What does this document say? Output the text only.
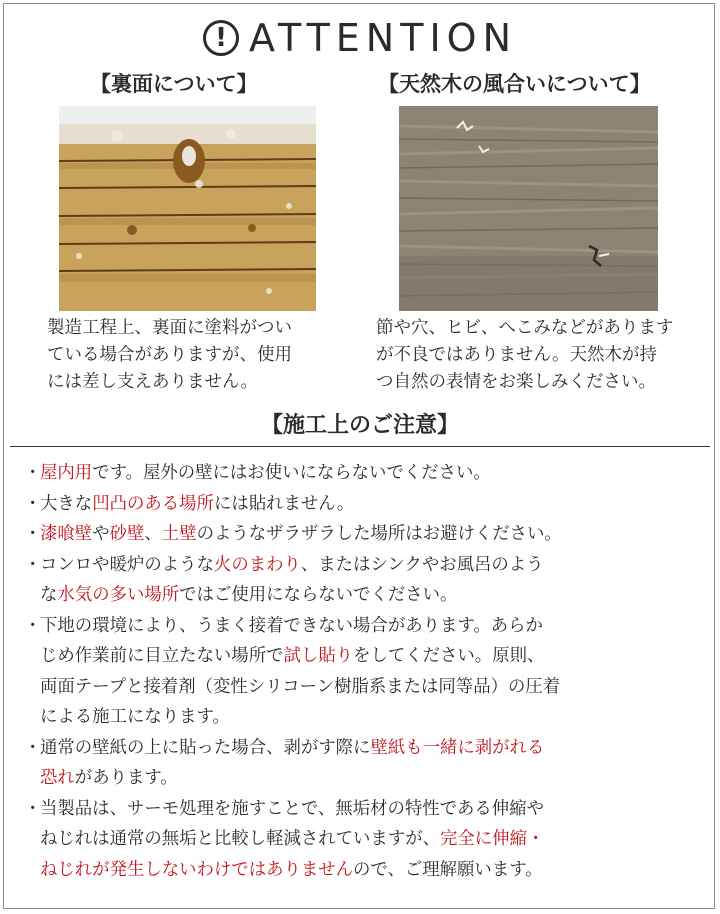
! ATTENTION
【裏面について】
製造工程上、裏面に塗料がつい
ている場合がありますが、使用
には差し支えありません。
【天然木の風合いについて】
節や穴、ヒビ、へこみなどがあります
が不良ではありません。天然木が持
つ自然の表情をお楽しみください。
【施工上のご注意】
・
屋内用です。屋外の壁にはお使いにならないでください。
・
大きな凹凸のある場所には貼れません。
・
漆喰壁や砂壁、土壁のようなザラザラした場所はお避けください。
・
コンロや暖炉のような火のまわり、またはシンクやお風呂のよう
な水気の多い場所ではご使用にならないでください。
・
下地の環境により、うまく接着できない場合があります。あらか
じめ作業前に目立たない場所で試し貼りをしてください。原則、
両面テープと接着剤（変性シリコーン樹脂系または同等品）の圧着
による施工になります。
・
通常の壁紙の上に貼った場合、剥がす際に壁紙も一緒に剥がれる
恐れがあります。
・
当製品は、サーモ処理を施すことで、無垢材の特性である伸縮や
ねじれは通常の無垢と比較し軽減されていますが、完全に伸縮・
ねじれが発生しないわけではありませんので、ご理解願います。
